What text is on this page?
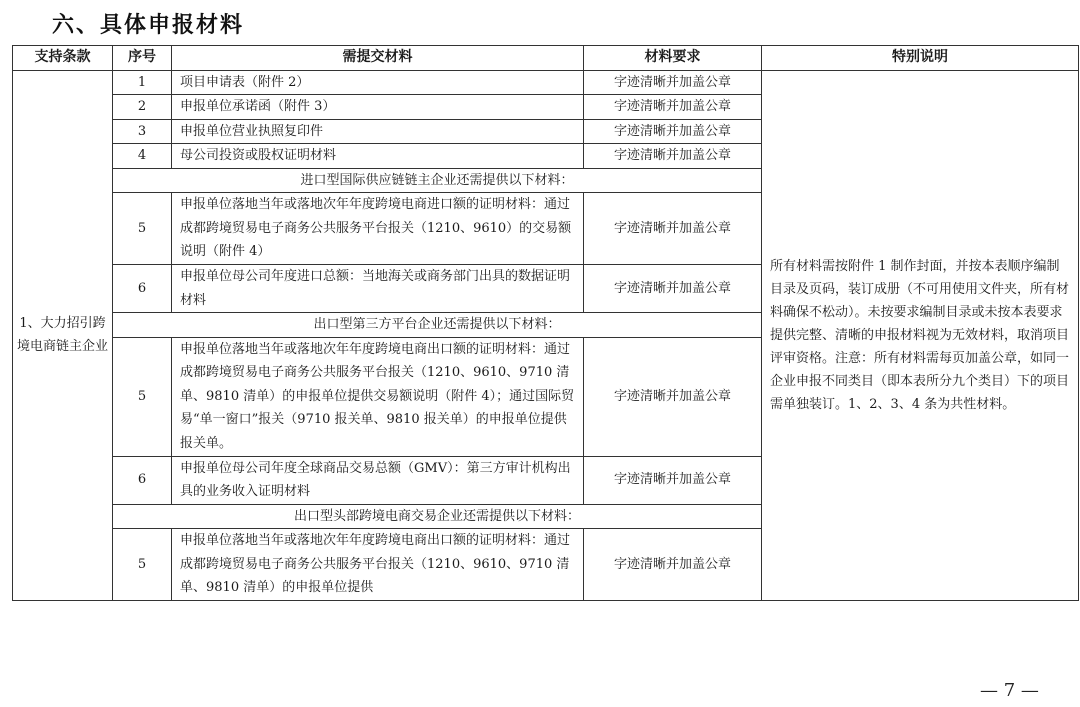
六、具体申报材料
支持条款	序号	需提交材料	材料要求	特别说明
1、大力招引跨境电商链主企业	1	项目申请表（附件 2）	字迹清晰并加盖公章	所有材料需按附件 1 制作封面，并按本表顺序编制目录及页码，装订成册（不可用使用文件夹，所有材料确保不松动）。未按要求编制目录或未按本表要求提供完整、清晰的申报材料视为无效材料，取消项目评审资格。注意：所有材料需每页加盖公章，如同一企业申报不同类目（即本表所分九个类目）下的项目需单独装订。1、2、3、4 条为共性材料。
	2	申报单位承诺函（附件 3）	字迹清晰并加盖公章	
	3	申报单位营业执照复印件	字迹清晰并加盖公章	
	4	母公司投资或股权证明材料	字迹清晰并加盖公章	
	进口型国际供应链链主企业还需提供以下材料：			
	5	申报单位落地当年或落地次年年度跨境电商进口额的证明材料：通过成都跨境贸易电子商务公共服务平台报关（1210、9610）的交易额说明（附件 4）	字迹清晰并加盖公章	
	6	申报单位母公司年度进口总额：当地海关或商务部门出具的数据证明材料	字迹清晰并加盖公章	
	出口型第三方平台企业还需提供以下材料：			
	5	申报单位落地当年或落地次年年度跨境电商出口额的证明材料：通过成都跨境贸易电子商务公共服务平台报关（1210、9610、9710 清单、9810 清单）的申报单位提供交易额说明（附件 4）；通过国际贸易“单一窗口”报关（9710 报关单、9810 报关单）的申报单位提供报关单。	字迹清晰并加盖公章	
	6	申报单位母公司年度全球商品交易总额（GMV）：第三方审计机构出具的业务收入证明材料	字迹清晰并加盖公章	
	出口型头部跨境电商交易企业还需提供以下材料：			
	5	申报单位落地当年或落地次年年度跨境电商出口额的证明材料：通过成都跨境贸易电子商务公共服务平台报关（1210、9610、9710 清单、9810 清单）的申报单位提供	字迹清晰并加盖公章	
— 7 —
